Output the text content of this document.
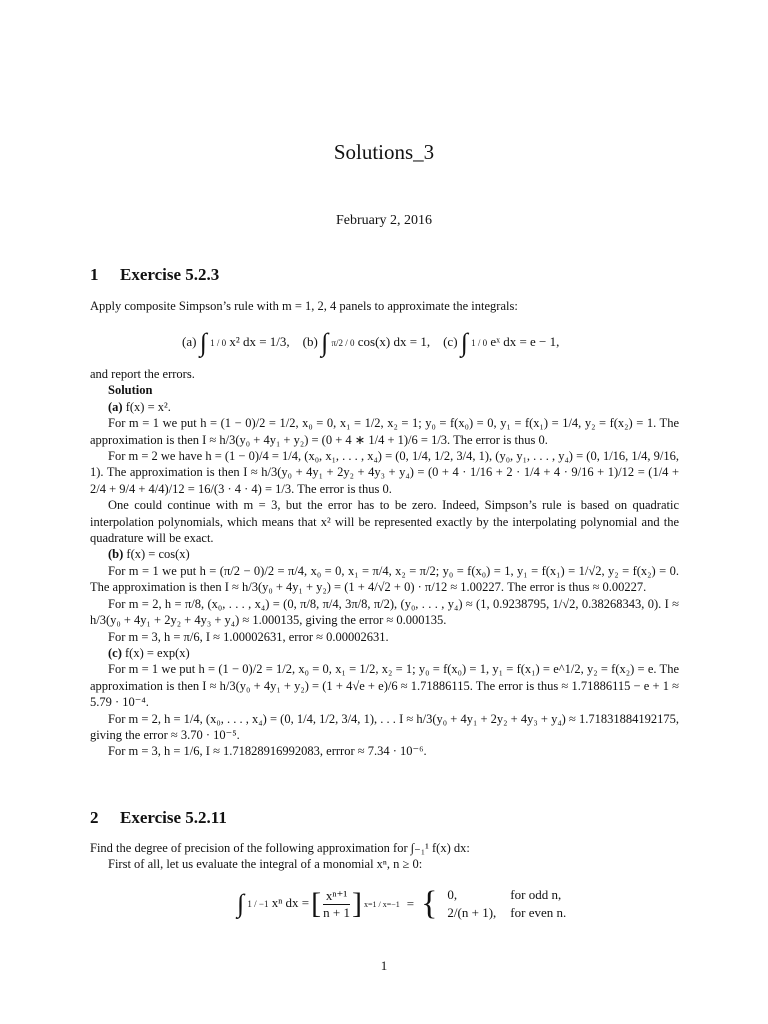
Solutions_3
February 2, 2016
1 Exercise 5.2.3

Apply composite Simpson’s rule with m = 1, 2, 4 panels to approximate the integrals:

(a) ∫ 1 / 0 x² dx = 1/3, (b) ∫ π/2 / 0 cos(x) dx = 1, (c) ∫ 1 / 0 eˣ dx = e − 1,

and report the errors.

Solution

(a) f(x) = x².

For m = 1 we put h = (1 − 0)/2 = 1/2, x₀ = 0, x₁ = 1/2, x₂ = 1; y₀ = f(x₀) = 0, y₁ = f(x₁) = 1/4, y₂ = f(x₂) = 1. The approximation is then I ≈ h/3(y₀ + 4y₁ + y₂) = (0 + 4 ∗ 1/4 + 1)/6 = 1/3. The error is thus 0.

For m = 2 we have h = (1 − 0)/4 = 1/4, (x₀, x₁, . . . , x₄) = (0, 1/4, 1/2, 3/4, 1), (y₀, y₁, . . . , y₄) = (0, 1/16, 1/4, 9/16, 1). The approximation is then I ≈ h/3(y₀ + 4y₁ + 2y₂ + 4y₃ + y₄) = (0 + 4 · 1/16 + 2 · 1/4 + 4 · 9/16 + 1)/12 = (1/4 + 2/4 + 9/4 + 4/4)/12 = 16/(3 · 4 · 4) = 1/3. The error is thus 0.

One could continue with m = 3, but the error has to be zero. Indeed, Simpson’s rule is based on quadratic interpolation polynomials, which means that x² will be represented exactly by the interpolating polynomial and the quadrature will be exact.

(b) f(x) = cos(x)

For m = 1 we put h = (π/2 − 0)/2 = π/4, x₀ = 0, x₁ = π/4, x₂ = π/2; y₀ = f(x₀) = 1, y₁ = f(x₁) = 1/√2, y₂ = f(x₂) = 0. The approximation is then I ≈ h/3(y₀ + 4y₁ + y₂) = (1 + 4/√2 + 0) · π/12 ≈ 1.00227. The error is thus ≈ 0.00227.

For m = 2, h = π/8, (x₀, . . . , x₄) = (0, π/8, π/4, 3π/8, π/2), (y₀, . . . , y₄) ≈ (1, 0.9238795, 1/√2, 0.38268343, 0). I ≈ h/3(y₀ + 4y₁ + 2y₂ + 4y₃ + y₄) ≈ 1.000135, giving the error ≈ 0.000135.

For m = 3, h = π/6, I ≈ 1.00002631, error ≈ 0.00002631.

(c) f(x) = exp(x)

For m = 1 we put h = (1 − 0)/2 = 1/2, x₀ = 0, x₁ = 1/2, x₂ = 1; y₀ = f(x₀) = 1, y₁ = f(x₁) = e^1/2, y₂ = f(x₂) = e. The approximation is then I ≈ h/3(y₀ + 4y₁ + y₂) = (1 + 4√e + e)/6 ≈ 1.71886115. The error is thus ≈ 1.71886115 − e + 1 ≈ 5.79 · 10⁻⁴.

For m = 2, h = 1/4, (x₀, . . . , x₄) = (0, 1/4, 1/2, 3/4, 1), . . . I ≈ h/3(y₀ + 4y₁ + 2y₂ + 4y₃ + y₄) ≈ 1.71831884192175, giving the error ≈ 3.70 · 10⁻⁵.

For m = 3, h = 1/6, I ≈ 1.71828916992083, errror ≈ 7.34 · 10⁻⁶.

2 Exercise 5.2.11

Find the degree of precision of the following approximation for ∫₋₁¹ f(x) dx:

First of all, let us evaluate the integral of a monomial xⁿ, n ≥ 0:

∫ 1 / −1 xⁿ dx =	[	xⁿ⁺¹
n + 1	]	x=1 / x=−1	=	{	0,	for odd n,
2/(n + 1),	for even n.
1
